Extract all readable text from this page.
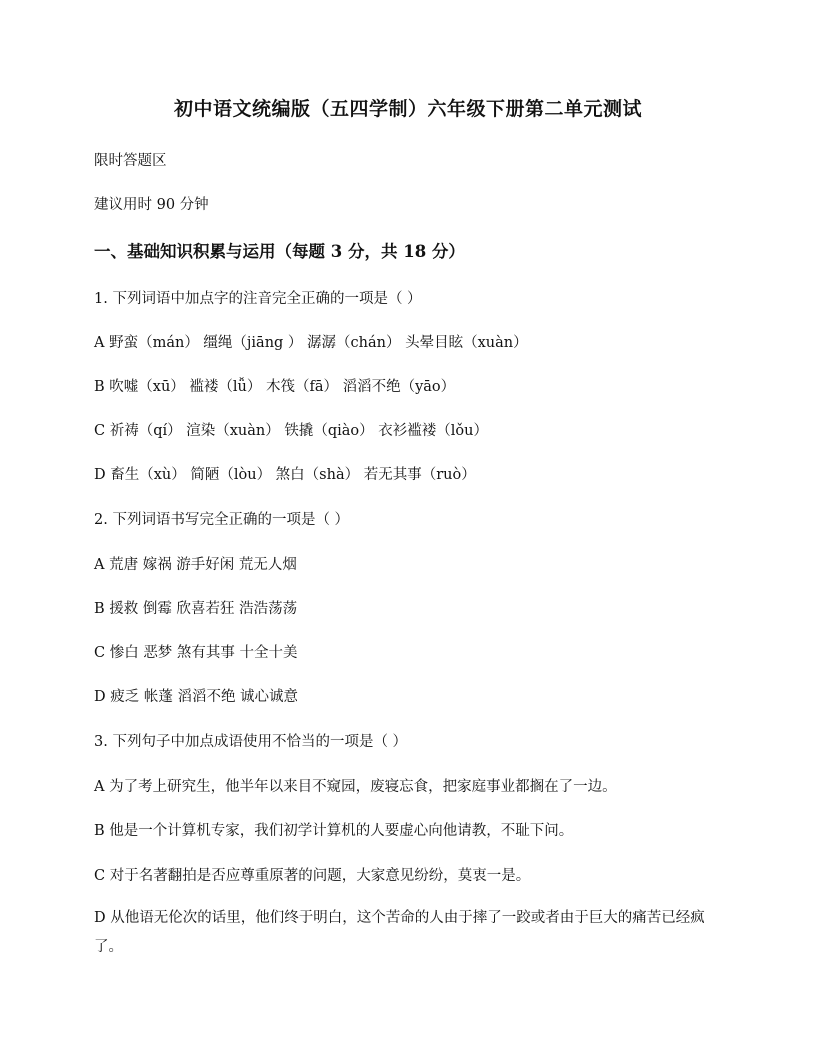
初中语文统编版（五四学制）六年级下册第二单元测试
限时答题区
建议用时 90 分钟
一、基础知识积累与运用（每题 3 分，共 18 分）
1. 下列词语中加点字的注音完全正确的一项是（ ）
A 野蛮（mán） 缰绳（jiāng ） 潺潺（chán） 头晕目眩（xuàn）
B 吹嘘（xū） 褴褛（lǚ） 木筏（fā） 滔滔不绝（yāo）
C 祈祷（qí） 渲染（xuàn） 铁撬（qiào） 衣衫褴褛（lǒu）
D 畜生（xù） 简陋（lòu） 煞白（shà） 若无其事（ruò）
2. 下列词语书写完全正确的一项是（ ）
A 荒唐 嫁祸 游手好闲 荒无人烟
B 援救 倒霉 欣喜若狂 浩浩荡荡
C 惨白 恶梦 煞有其事 十全十美
D 疲乏 帐蓬 滔滔不绝 诚心诚意
3. 下列句子中加点成语使用不恰当的一项是（ ）
A 为了考上研究生，他半年以来目不窥园，废寝忘食，把家庭事业都搁在了一边。
B 他是一个计算机专家，我们初学计算机的人要虚心向他请教，不耻下问。
C 对于名著翻拍是否应尊重原著的问题，大家意见纷纷，莫衷一是。
D 从他语无伦次的话里，他们终于明白，这个苦命的人由于摔了一跤或者由于巨大的痛苦已经疯了。
